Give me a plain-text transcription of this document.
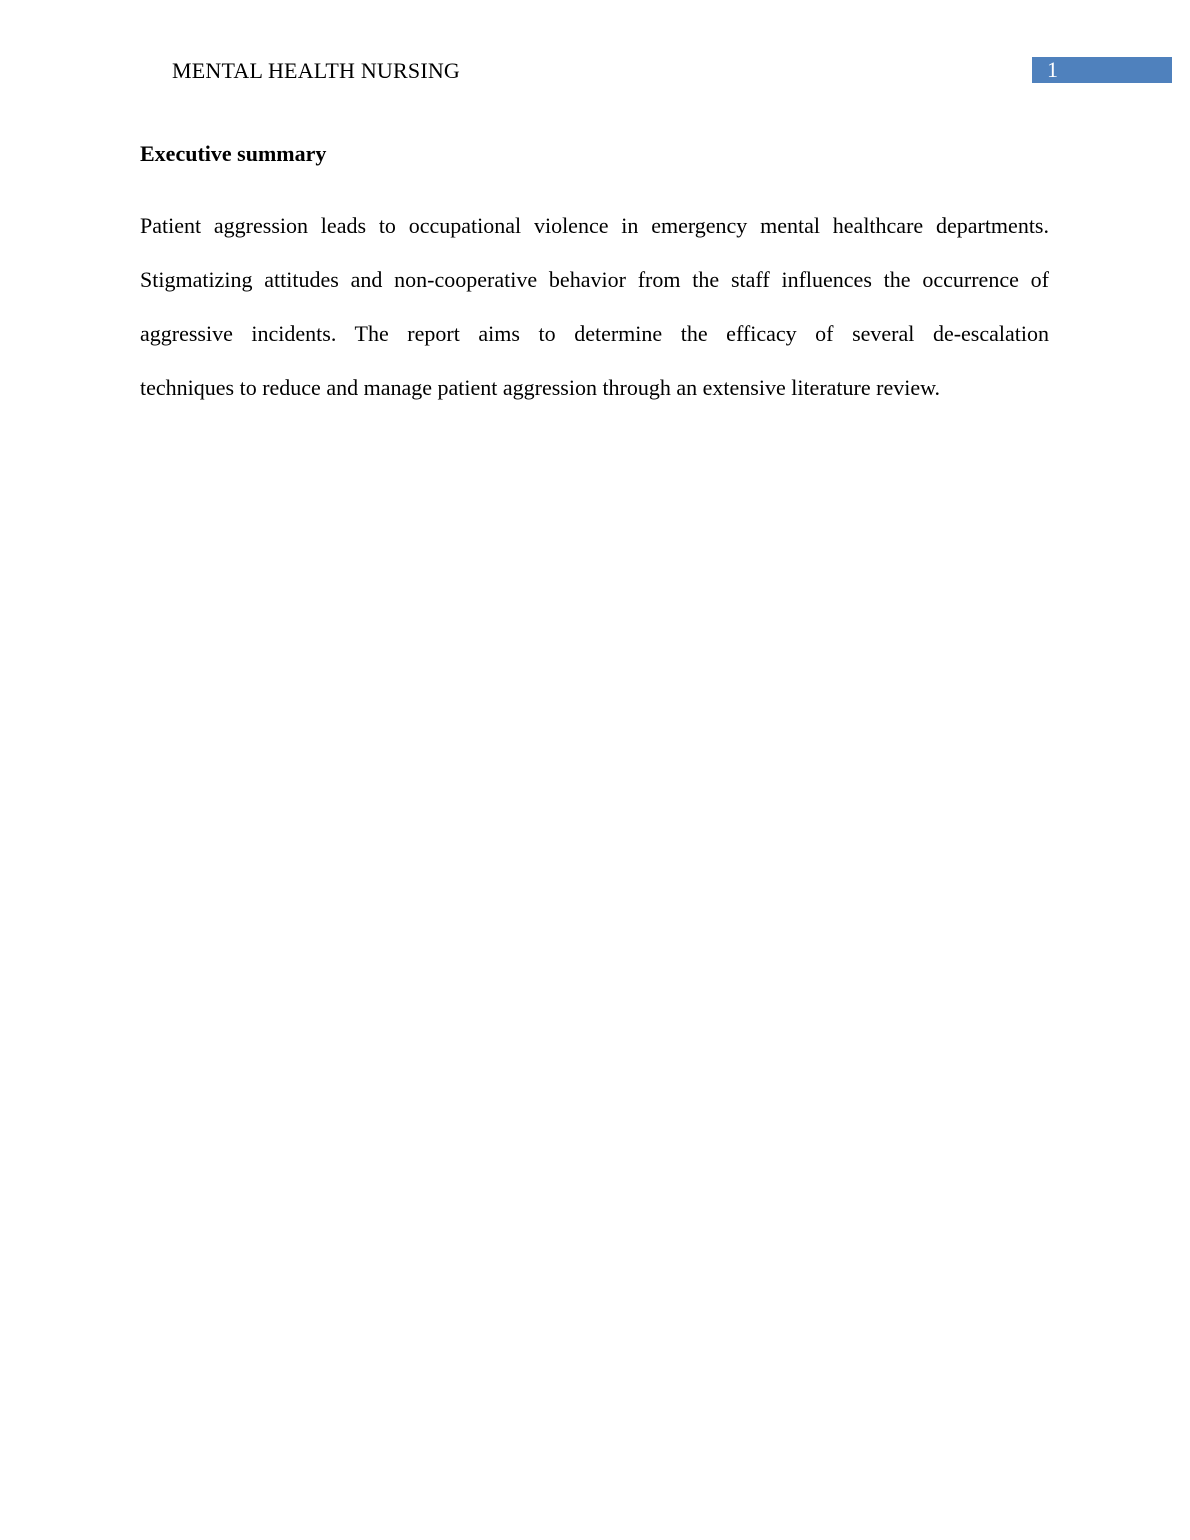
MENTAL HEALTH NURSING	1
Executive summary
Patient aggression leads to occupational violence in emergency mental healthcare departments.
Stigmatizing attitudes and non-cooperative behavior from the staff influences the occurrence of
aggressive incidents. The report aims to determine the efficacy of several de-escalation
techniques to reduce and manage patient aggression through an extensive literature review.
